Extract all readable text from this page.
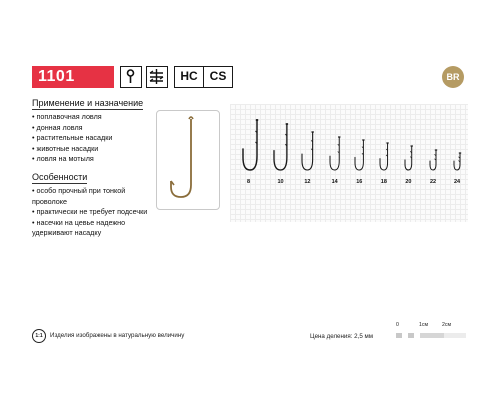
1101	HC CS	BR
Применение и назначение
• поплавочная ловля
• донная ловля
• растительные насадки
• животные насадки
• ловля на мотыля
Особенности
• особо прочный при тонкой проволоке
• практически не требует подсечки
• насечки на цевье надежно удерживают насадку
8	10	12	14	16	18	20	22	24
1:1	Изделия изображены в натуральную величину	Цена деления: 2,5 мм
0	1см	2см
